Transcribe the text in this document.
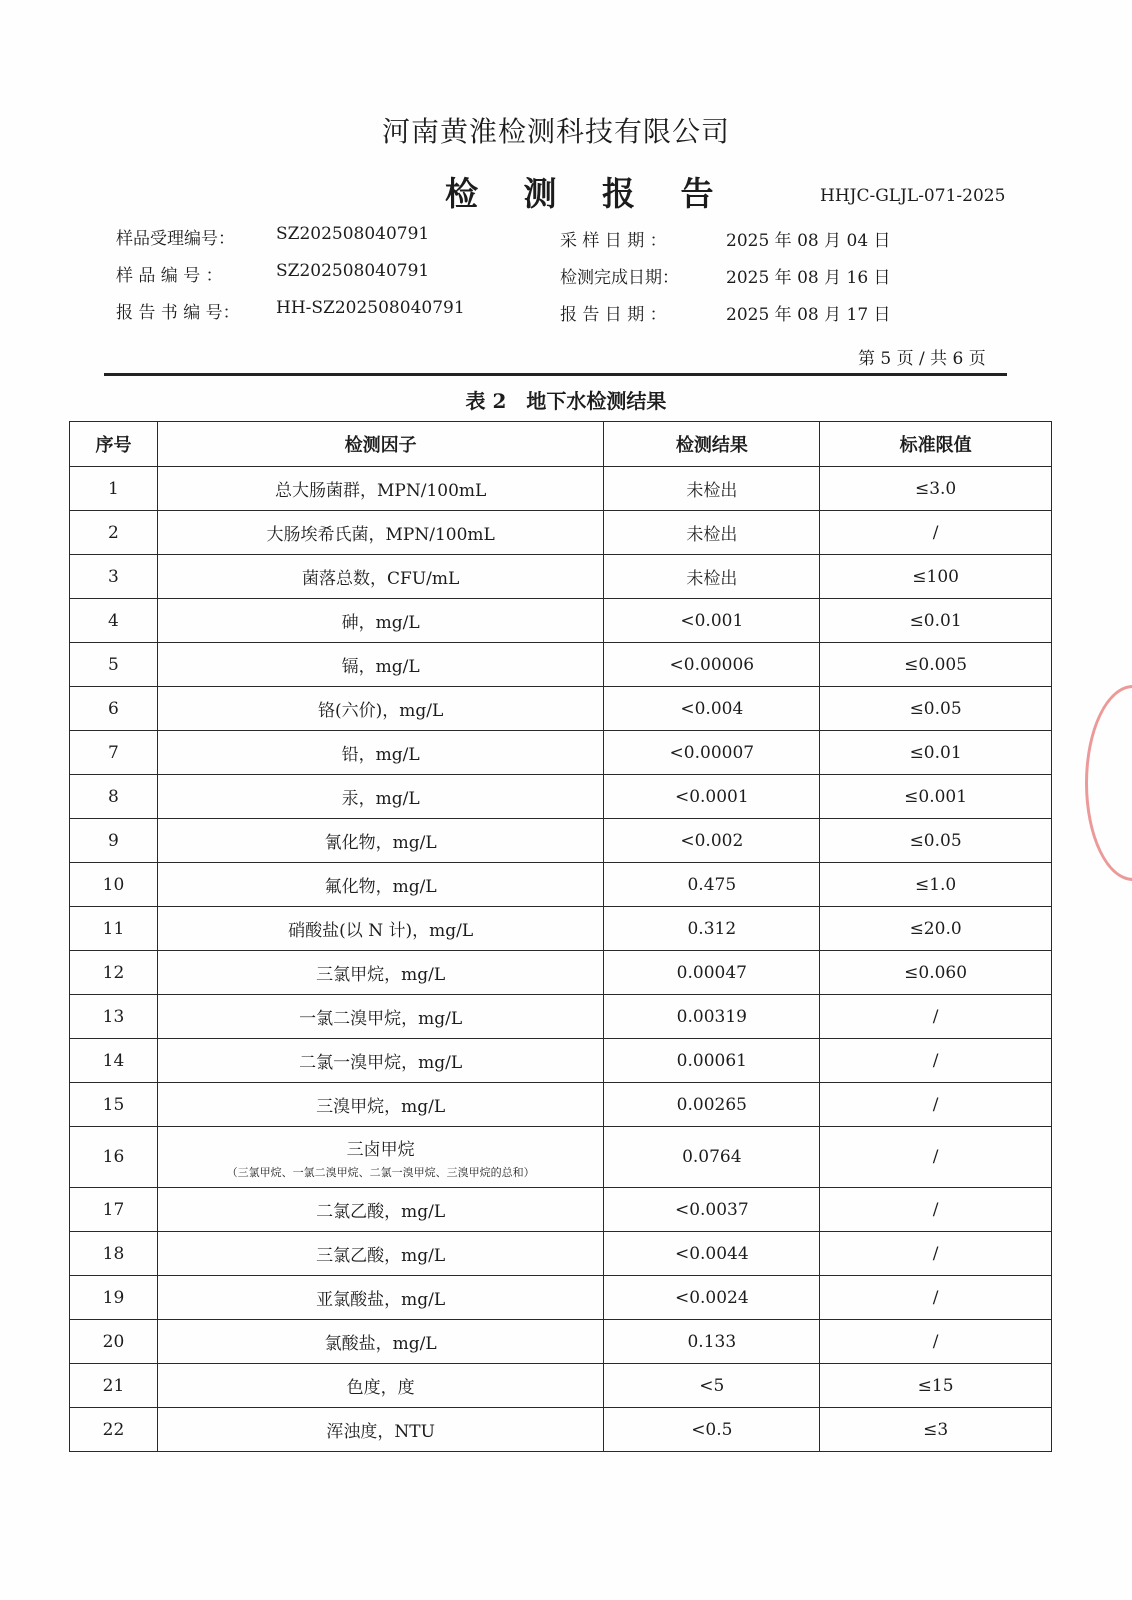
河南黄淮检测科技有限公司
检 测 报 告	HHJC-GLJL-071-2025
样品受理编号： SZ202508040791
样 品 编 号 ：	SZ202508040791
报 告 书 编 号： HH-SZ202508040791
采 样 日 期 ：	2025 年 08 月 04 日
检测完成日期：	2025 年 08 月 16 日
报 告 日 期 ：	2025 年 08 月 17 日
第 5 页 / 共 6 页
表 2　地下水检测结果
序号	检测因子	检测结果	标准限值
1	总大肠菌群，MPN/100mL	未检出	≤3.0
2	大肠埃希氏菌，MPN/100mL	未检出	/
3	菌落总数，CFU/mL	未检出	≤100
4	砷，mg/L	<0.001	≤0.01
5	镉，mg/L	<0.00006	≤0.005
6	铬(六价)，mg/L	<0.004	≤0.05
7	铅，mg/L	<0.00007	≤0.01
8	汞，mg/L	<0.0001	≤0.001
9	氰化物，mg/L	<0.002	≤0.05
10	氟化物，mg/L	0.475	≤1.0
11	硝酸盐(以 N 计)，mg/L	0.312	≤20.0
12	三氯甲烷，mg/L	0.00047	≤0.060
13	一氯二溴甲烷，mg/L	0.00319	/
14	二氯一溴甲烷，mg/L	0.00061	/
15	三溴甲烷，mg/L	0.00265	/
16	三卤甲烷
（三氯甲烷、一氯二溴甲烷、二氯一溴甲烷、三溴甲烷的总和）	0.0764	/
17	二氯乙酸，mg/L	<0.0037	/
18	三氯乙酸，mg/L	<0.0044	/
19	亚氯酸盐，mg/L	<0.0024	/
20	氯酸盐，mg/L	0.133	/
21	色度，度	<5	≤15
22	浑浊度，NTU	<0.5	≤3
